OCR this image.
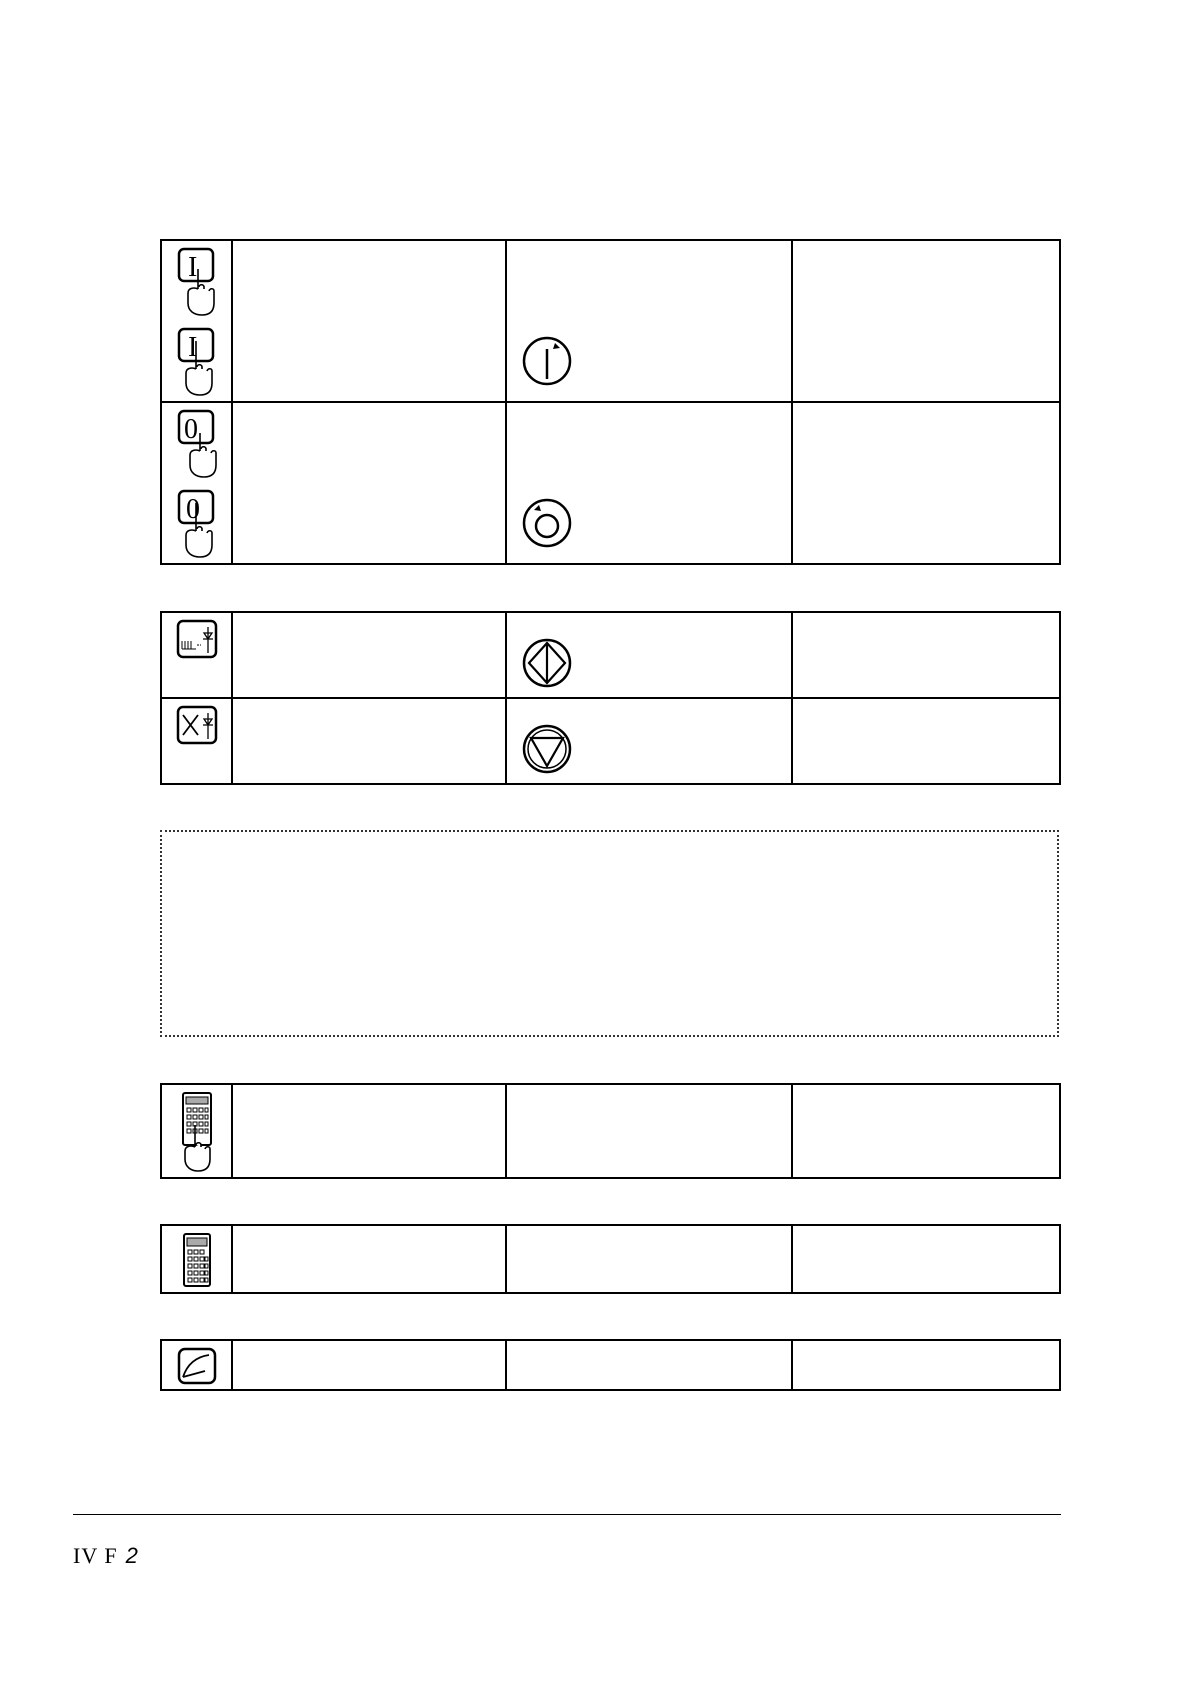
I
I

0
0

IV F 2
